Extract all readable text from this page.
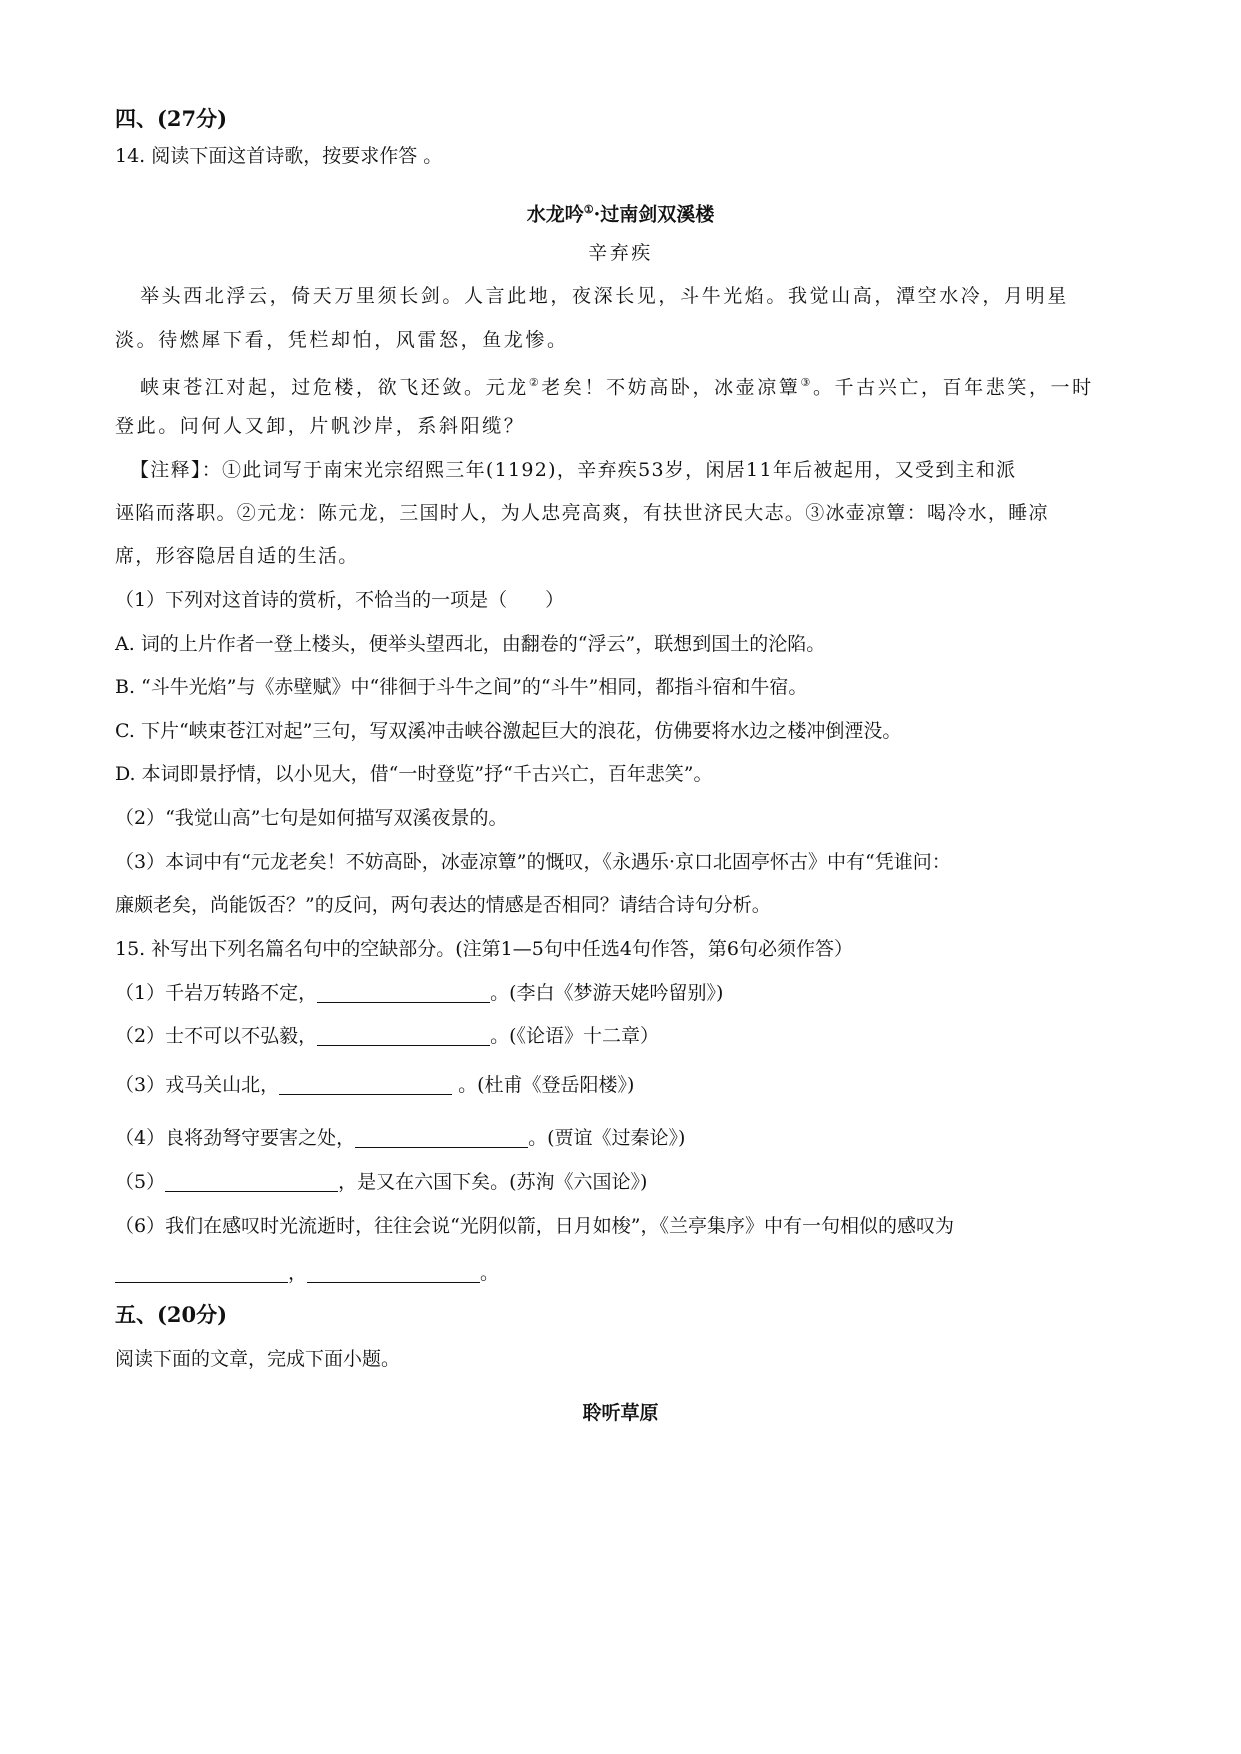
四、(27分)
14. 阅读下面这首诗歌，按要求作答 。
水龙吟①·过南剑双溪楼
辛弃疾
举头西北浮云，倚天万里须长剑。人言此地，夜深长见，斗牛光焰。我觉山高，潭空水冷，月明星
淡。待燃犀下看，凭栏却怕，风雷怒，鱼龙惨。
峡束苍江对起，过危楼，欲飞还敛。元龙②老矣！不妨高卧，冰壶凉簟③。千古兴亡，百年悲笑，一时
登此。问何人又卸，片帆沙岸，系斜阳缆？
【注释】：①此词写于南宋光宗绍熙三年(1192)，辛弃疾53岁，闲居11年后被起用，又受到主和派
诬陷而落职。②元龙：陈元龙，三国时人，为人忠亮高爽，有扶世济民大志。③冰壶凉簟：喝冷水，睡凉
席，形容隐居自适的生活。
（1）下列对这首诗的赏析，不恰当的一项是（　　）
A. 词的上片作者一登上楼头，便举头望西北，由翻卷的“浮云”，联想到国土的沦陷。
B. “斗牛光焰”与《赤壁赋》中“徘徊于斗牛之间”的“斗牛”相同，都指斗宿和牛宿。
C. 下片“峡束苍江对起”三句，写双溪冲击峡谷激起巨大的浪花，仿佛要将水边之楼冲倒湮没。
D. 本词即景抒情，以小见大，借“一时登览”抒“千古兴亡，百年悲笑”。
（2）“我觉山高”七句是如何描写双溪夜景的。
（3）本词中有“元龙老矣！不妨高卧，冰壶凉簟”的慨叹，《永遇乐·京口北固亭怀古》中有“凭谁问：
廉颇老矣，尚能饭否？”的反问，两句表达的情感是否相同？请结合诗句分析。
15. 补写出下列名篇名句中的空缺部分。(注第1—5句中任选4句作答，第6句必须作答）
（1）千岩万转路不定，	。(李白《梦游天姥吟留别》)
（2）士不可以不弘毅，	。(《论语》十二章）
（3）戎马关山北，	。(杜甫《登岳阳楼》)
（4）良将劲弩守要害之处，	。(贾谊《过秦论》)
（5）	，是又在六国下矣。(苏洵《六国论》)
（6）我们在感叹时光流逝时，往往会说“光阴似箭，日月如梭”，《兰亭集序》中有一句相似的感叹为
，	。
五、(20分)
阅读下面的文章，完成下面小题。
聆听草原
